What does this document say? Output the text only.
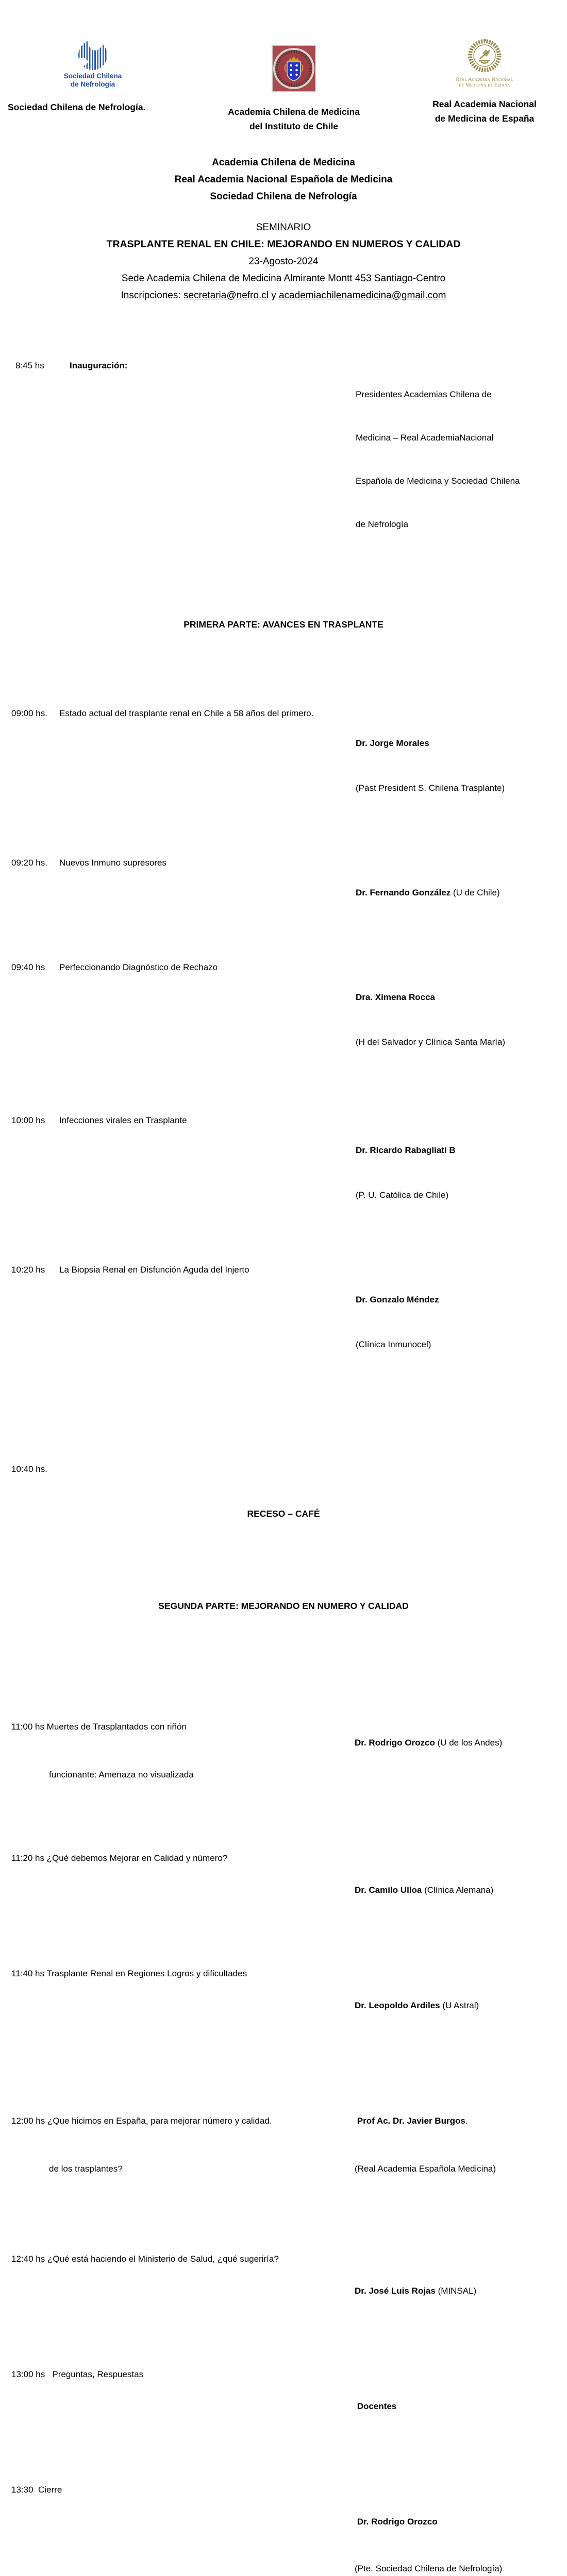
Sociedad Chilena
de Nefrología
Sociedad Chilena de Nefrología.	Academia Chilena de Medicina
del Instituto de Chile
Real Academia Nacional
de Medicina de España
Real Academia Nacional
de Medicina de España
Academia Chilena de Medicina
Real Academia Nacional Española de Medicina
Sociedad Chilena de Nefrología
SEMINARIO
TRASPLANTE RENAL EN CHILE: MEJORANDO EN NUMEROS Y CALIDAD
23-Agosto-2024
Sede Academia Chilena de Medicina Almirante Montt 453 Santiago-Centro
Inscripciones: secretaria@nefro.cl y academiachilenamedicina@gmail.com

8:45 hs	Inauguración:

Presidentes Academias Chilena de

Medicina – Real AcademiaNacional

Española de Medicina y Sociedad Chilena

de Nefrología

PRIMERA PARTE: AVANCES EN TRASPLANTE

09:00 hs.	Estado actual del trasplante renal en Chile a 58 años del primero.

Dr. Jorge Morales

(Past President S. Chilena Trasplante)

09:20 hs.	Nuevos Inmuno supresores

Dr. Fernando González (U de Chile)

09:40 hs	Perfeccionando Diagnóstico de Rechazo

Dra. Ximena Rocca

(H del Salvador y Clínica Santa María)

10:00 hs	Infecciones virales en Trasplante

Dr. Ricardo Rabagliati B

(P. U. Católica de Chile)

10:20 hs	La Biopsia Renal en Disfunción Aguda del Injerto

Dr. Gonzalo Méndez

(Clínica Inmunocel)

10:40 hs.

RECESO – CAFÉ

SEGUNDA PARTE: MEJORANDO EN NUMERO Y CALIDAD

11:00 hs Muertes de Trasplantados con riñón

funcionante: Amenaza no visualizada

Dr. Rodrigo Orozco (U de los Andes)

11:20 hs ¿Qué debemos Mejorar en Calidad y número?

Dr. Camilo Ulloa (Clínica Alemana)

11:40 hs Trasplante Renal en Regiones Logros y dificultades

Dr. Leopoldo Ardiles (U Astral)

12:00 hs ¿Que hicimos en España, para mejorar número y calidad.

de los trasplantes?

Prof Ac. Dr. Javier Burgos.

(Real Academia Española Medicina)

12:40 hs ¿Qué está haciendo el Ministerio de Salud, ¿qué sugeriría?

Dr. José Luis Rojas (MINSAL)

13:00 hs   Preguntas, Respuestas

Docentes

13:30  Cierre

Dr. Rodrigo Orozco

(Pte. Sociedad Chilena de Nefrología)
